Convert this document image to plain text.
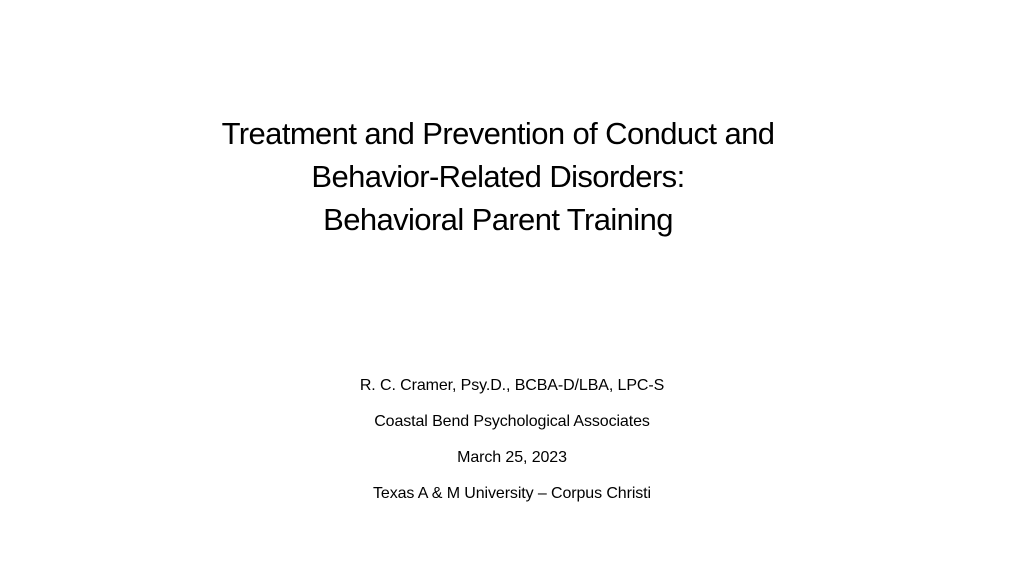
Treatment and Prevention of Conduct and
Behavior-Related Disorders:
Behavioral Parent Training
R. C. Cramer, Psy.D., BCBA-D/LBA, LPC-S
Coastal Bend Psychological Associates
March 25, 2023
Texas A & M University – Corpus Christi
